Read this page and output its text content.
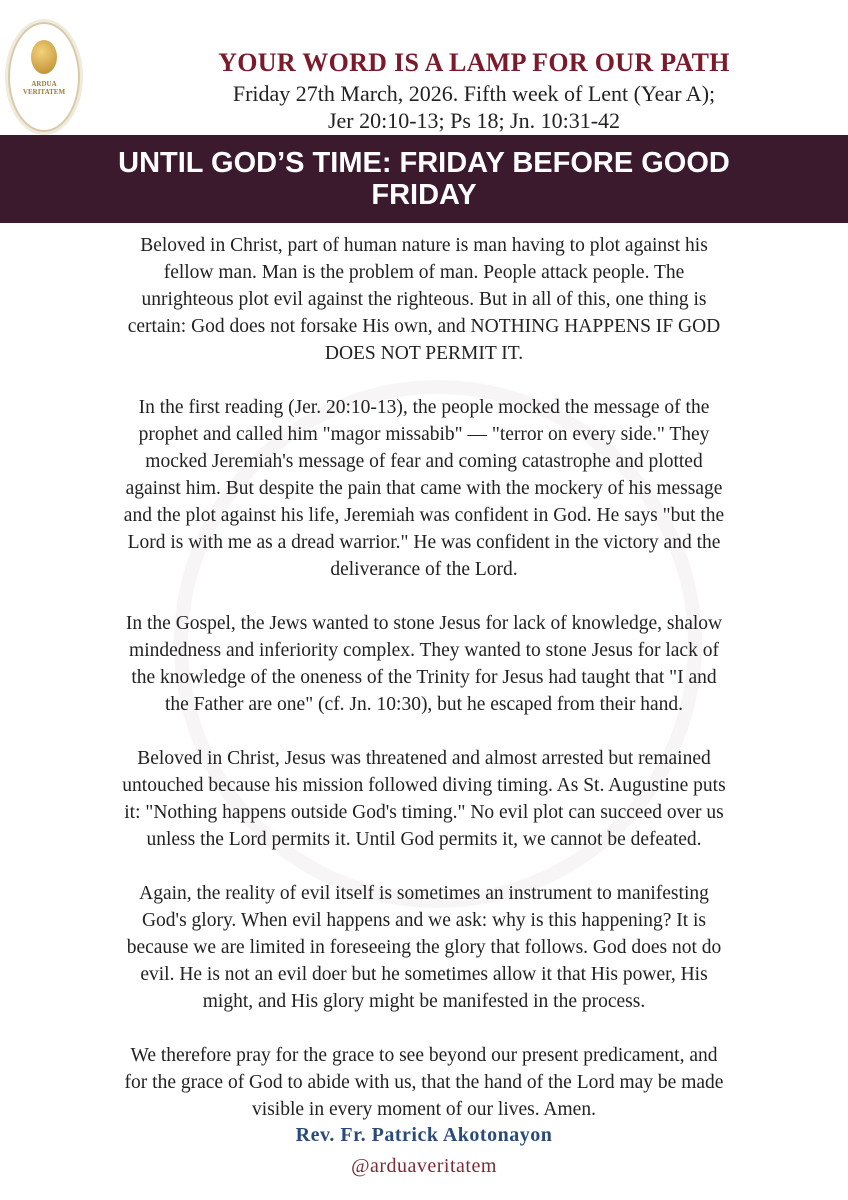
ARDUA
VERITATEM
YOUR WORD IS A LAMP FOR OUR PATH
Friday 27th March, 2026. Fifth week of Lent (Year A);
Jer 20:10-13; Ps 18; Jn. 10:31-42
UNTIL GOD’S TIME: FRIDAY BEFORE GOOD
FRIDAY
Beloved in Christ, part of human nature is man having to plot against his
fellow man. Man is the problem of man. People attack people. The
unrighteous plot evil against the righteous. But in all of this, one thing is
certain: God does not forsake His own, and NOTHING HAPPENS IF GOD
DOES NOT PERMIT IT.
In the first reading (Jer. 20:10-13), the people mocked the message of the
prophet and called him "magor missabib" — "terror on every side." They
mocked Jeremiah's message of fear and coming catastrophe and plotted
against him. But despite the pain that came with the mockery of his message
and the plot against his life, Jeremiah was confident in God. He says "but the
Lord is with me as a dread warrior." He was confident in the victory and the
deliverance of the Lord.
In the Gospel, the Jews wanted to stone Jesus for lack of knowledge, shalow
mindedness and inferiority complex. They wanted to stone Jesus for lack of
the knowledge of the oneness of the Trinity for Jesus had taught that "I and
the Father are one" (cf. Jn. 10:30), but he escaped from their hand.
Beloved in Christ, Jesus was threatened and almost arrested but remained
untouched because his mission followed diving timing. As St. Augustine puts
it: "Nothing happens outside God's timing." No evil plot can succeed over us
unless the Lord permits it. Until God permits it, we cannot be defeated.
Again, the reality of evil itself is sometimes an instrument to manifesting
God's glory. When evil happens and we ask: why is this happening? It is
because we are limited in foreseeing the glory that follows. God does not do
evil. He is not an evil doer but he sometimes allow it that His power, His
might, and His glory might be manifested in the process.
We therefore pray for the grace to see beyond our present predicament, and
for the grace of God to abide with us, that the hand of the Lord may be made
visible in every moment of our lives. Amen.
Rev. Fr. Patrick Akotonayon
@arduaveritatem
